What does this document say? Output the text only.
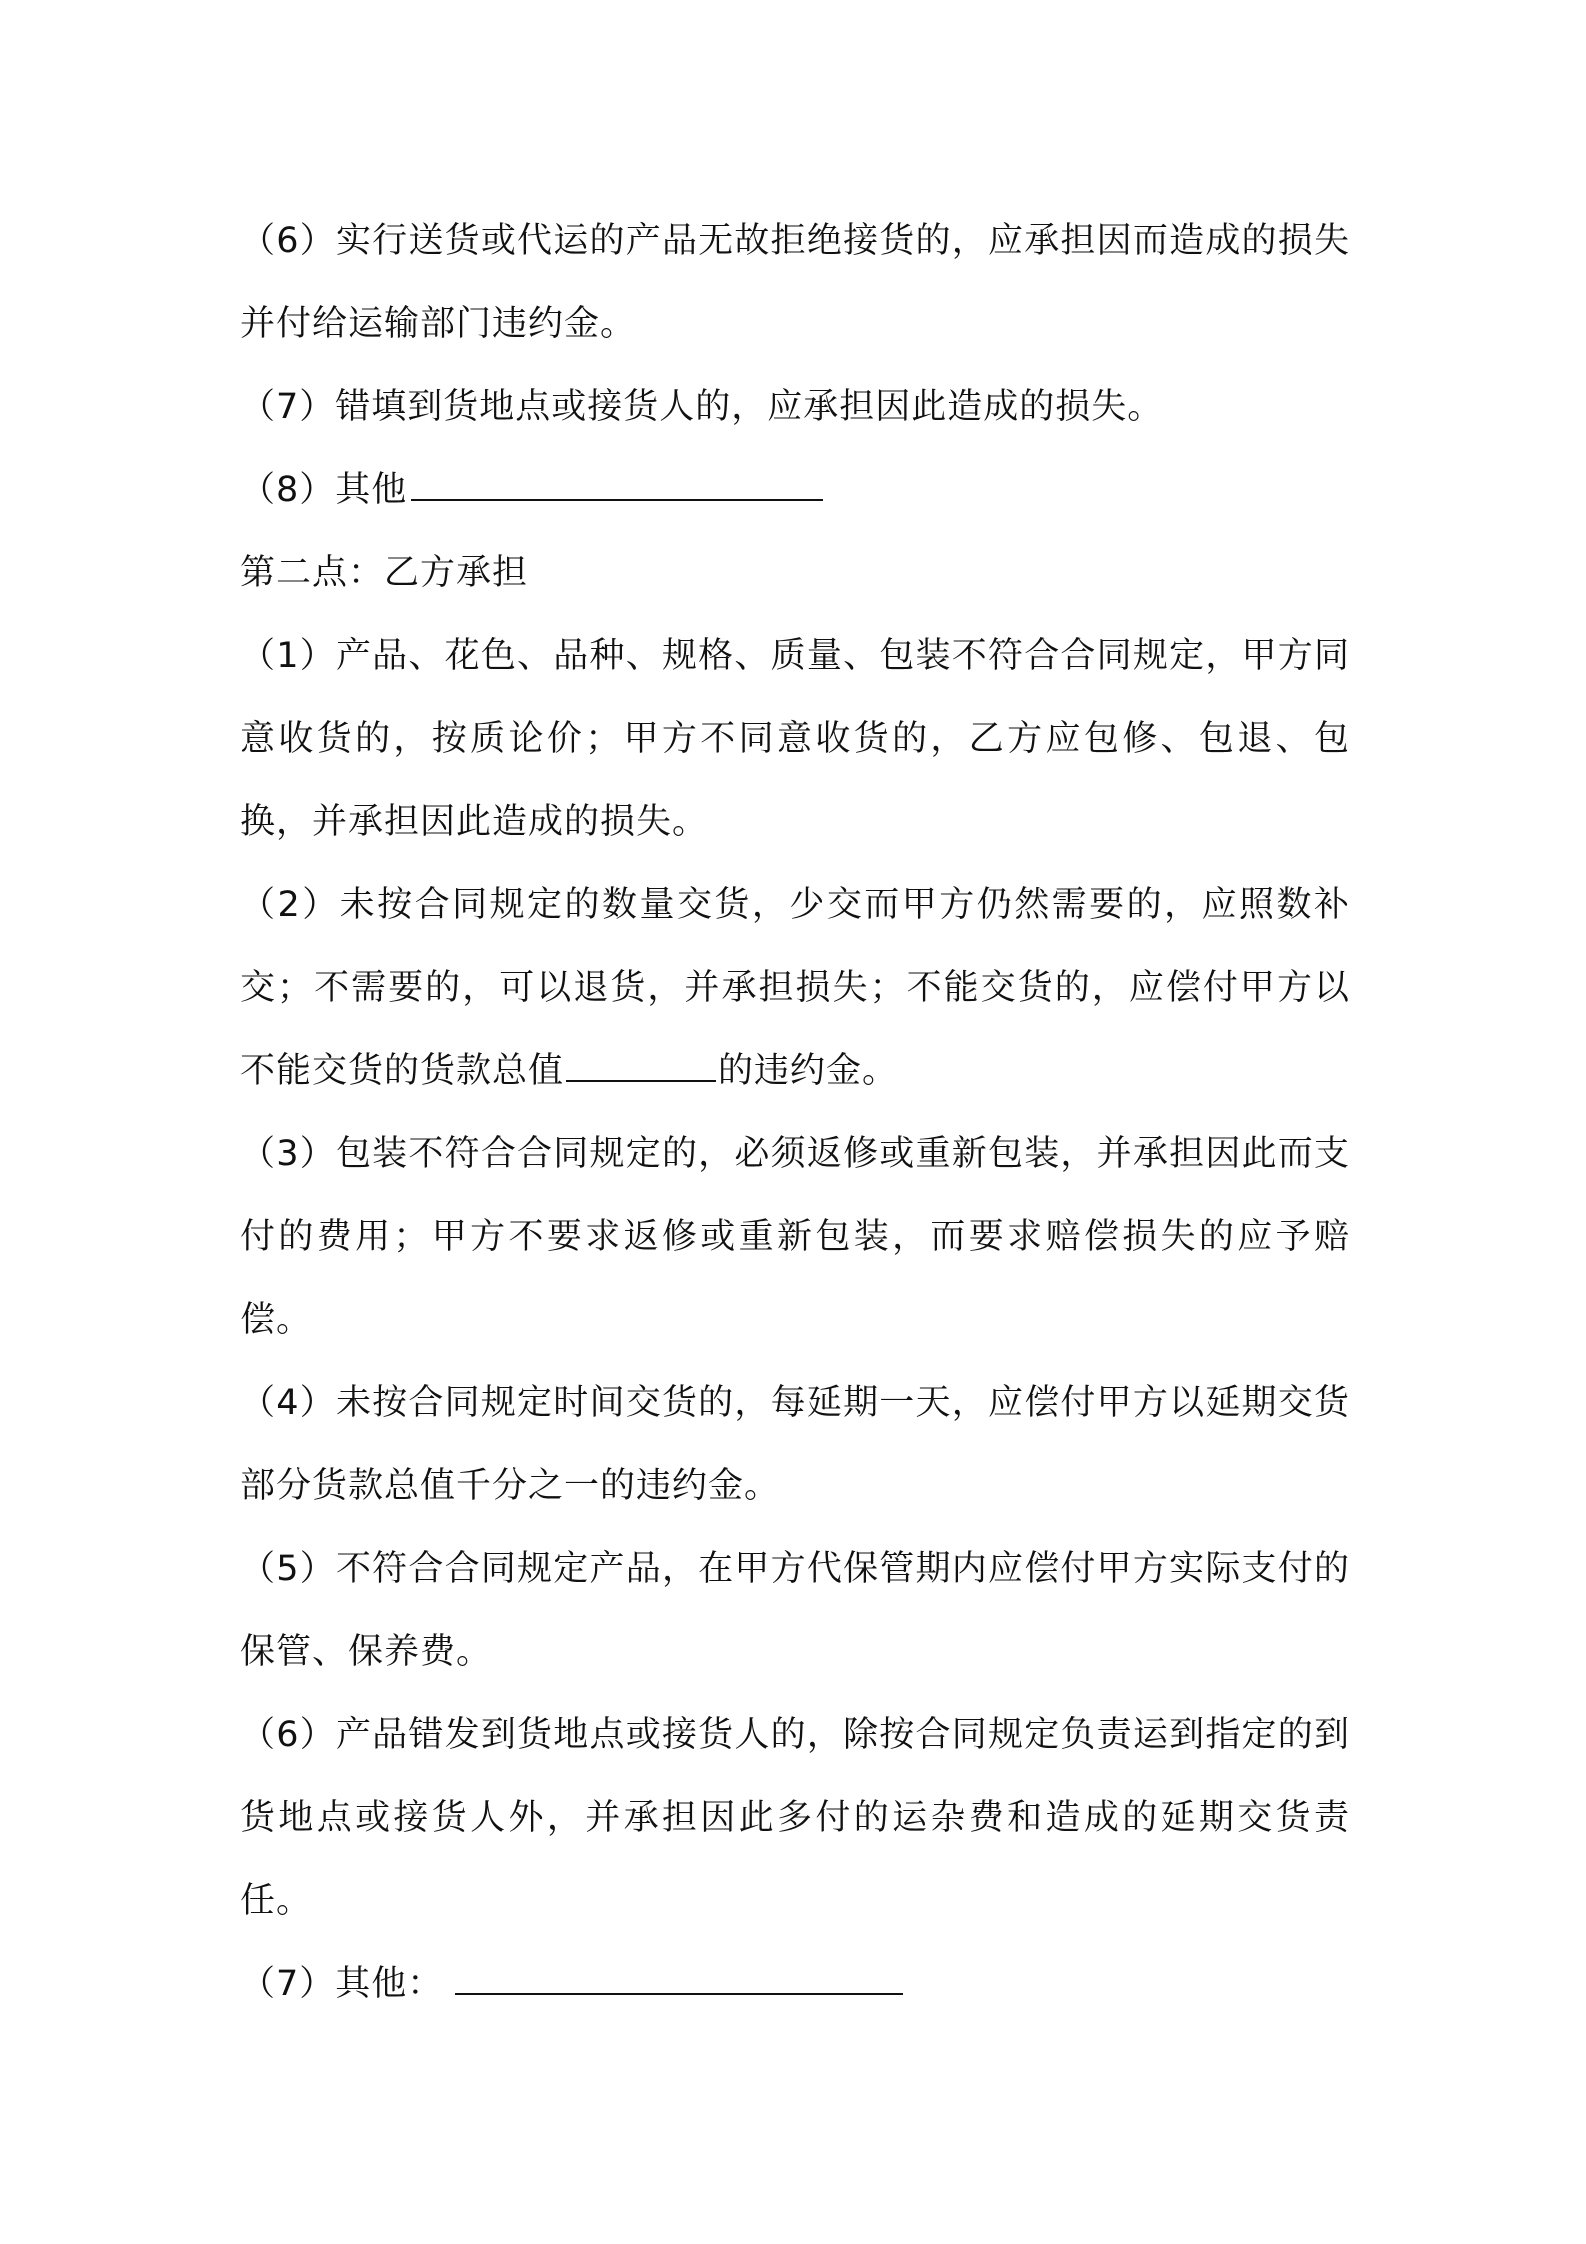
（6）实行送货或代运的产品无故拒绝接货的，应承担因而造成的损失并付给运输部门违约金。

（7）错填到货地点或接货人的，应承担因此造成的损失。

（8）其他

第二点：乙方承担

（1）产品、花色、品种、规格、质量、包装不符合合同规定，甲方同意收货的，按质论价；甲方不同意收货的，乙方应包修、包退、包换，并承担因此造成的损失。

（2）未按合同规定的数量交货，少交而甲方仍然需要的，应照数补交；不需要的，可以退货，并承担损失；不能交货的，应偿付甲方以不能交货的货款总值	的违约金。

（3）包装不符合合同规定的，必须返修或重新包装，并承担因此而支付的费用；甲方不要求返修或重新包装，而要求赔偿损失的应予赔偿。

（4）未按合同规定时间交货的，每延期一天，应偿付甲方以延期交货部分货款总值千分之一的违约金。

（5）不符合合同规定产品，在甲方代保管期内应偿付甲方实际支付的保管、保养费。

（6）产品错发到货地点或接货人的，除按合同规定负责运到指定的到货地点或接货人外，并承担因此多付的运杂费和造成的延期交货责任。

（7）其他：
